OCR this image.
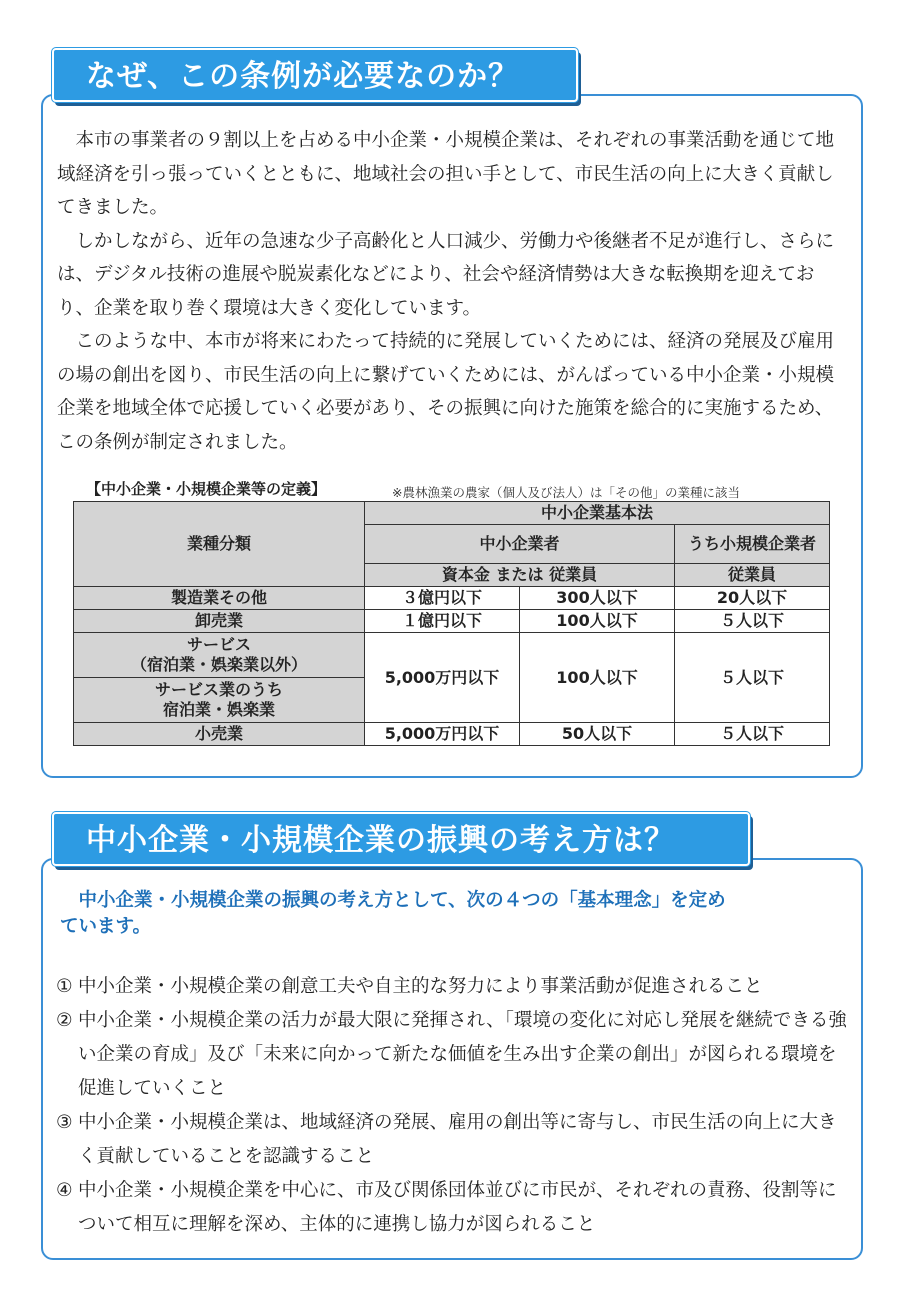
なぜ、この条例が必要なのか？

本市の事業者の９割以上を占める中小企業・小規模企業は、それぞれの事業活動を通じて地域経済を引っ張っていくとともに、地域社会の担い手として、市民生活の向上に大きく貢献してきました。

しかしながら、近年の急速な少子高齢化と人口減少、労働力や後継者不足が進行し、さらには、デジタル技術の進展や脱炭素化などにより、社会や経済情勢は大きな転換期を迎えており、企業を取り巻く環境は大きく変化しています。

このような中、本市が将来にわたって持続的に発展していくためには、経済の発展及び雇用の場の創出を図り、市民生活の向上に繋げていくためには、がんばっている中小企業・小規模企業を地域全体で応援していく必要があり、その振興に向けた施策を総合的に実施するため、この条例が制定されました。

【中小企業・小規模企業等の定義】	※農林漁業の農家（個人及び法人）は「その他」の業種に該当
業種分類	中小企業基本法		
	中小企業者		うち小規模企業者
	資本金 または 従業員		従業員
製造業その他	３億円以下	300人以下	20人以下
卸売業	１億円以下	100人以下	５人以下

サービス
（宿泊業・娯楽業以外）	5,000万円以下	100人以下	５人以下

サービス業のうち
宿泊業・娯楽業			

小売業	5,000万円以下	50人以下	５人以下
中小企業・小規模企業の振興の考え方は？
中小企業・小規模企業の振興の考え方として、次の４つの「基本理念」を定め
ています。
① 中小企業・小規模企業の創意工夫や自主的な努力により事業活動が促進されること
② 中小企業・小規模企業の活力が最大限に発揮され、「環境の変化に対応し発展を継続できる強い企業の育成」及び「未来に向かって新たな価値を生み出す企業の創出」が図られる環境を促進していくこと
③ 中小企業・小規模企業は、地域経済の発展、雇用の創出等に寄与し、市民生活の向上に大きく貢献していることを認識すること
④ 中小企業・小規模企業を中心に、市及び関係団体並びに市民が、それぞれの責務、役割等について相互に理解を深め、主体的に連携し協力が図られること
